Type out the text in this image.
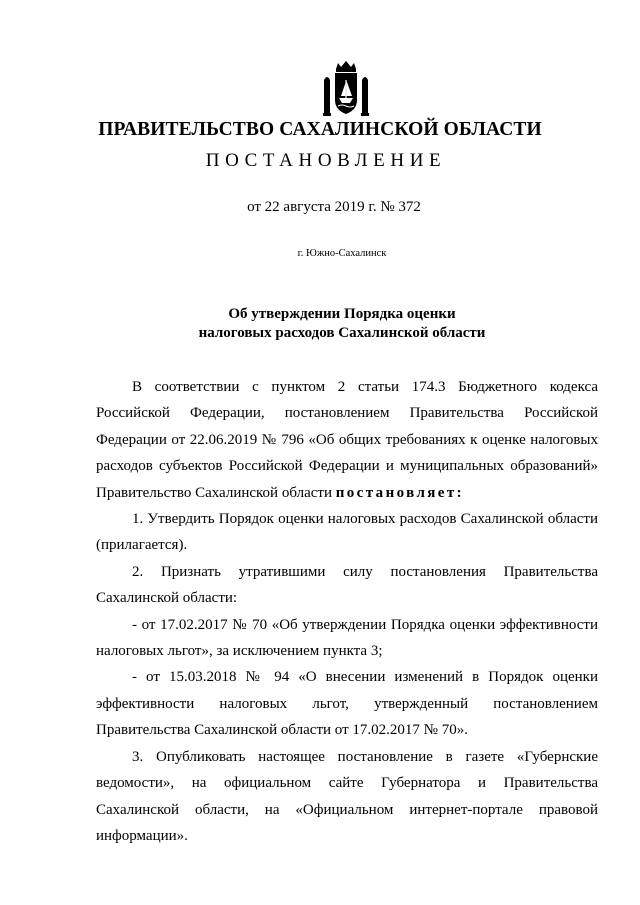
ПРАВИТЕЛЬСТВО САХАЛИНСКОЙ ОБЛАСТИ
ПОСТАНОВЛЕНИЕ
от 22 августа 2019 г. № 372
г. Южно-Сахалинск
Об утверждении Порядка оценки
налоговых расходов Сахалинской области

В соответствии с пунктом 2 статьи 174.3 Бюджетного кодекса Российской Федерации, постановлением Правительства Российской Федерации от 22.06.2019 № 796 «Об общих требованиях к оценке налоговых расходов субъектов Российской Федерации и муниципальных образований» Правительство Сахалинской области постановляет:

1. Утвердить Порядок оценки налоговых расходов Сахалинской области (прилагается).

2. Признать утратившими силу постановления Правительства Сахалинской области:

- от 17.02.2017 № 70 «Об утверждении Порядка оценки эффективности налоговых льгот», за исключением пункта 3;

- от 15.03.2018 № 94 «О внесении изменений в Порядок оценки эффективности налоговых льгот, утвержденный постановлением Правительства Сахалинской области от 17.02.2017 № 70».

3. Опубликовать настоящее постановление в газете «Губернские ведомости», на официальном сайте Губернатора и Правительства Сахалинской области, на «Официальном интернет-портале правовой информации».
